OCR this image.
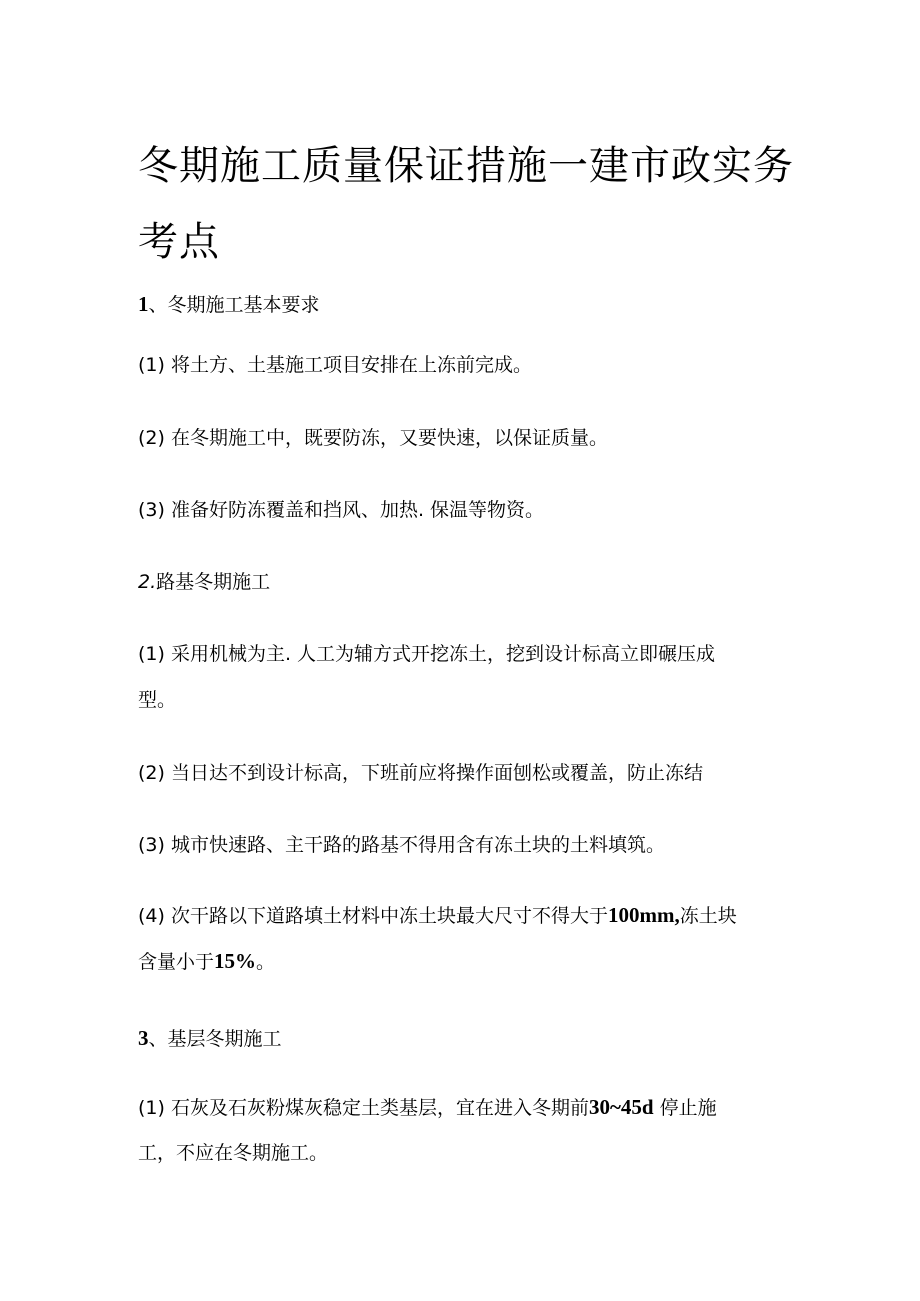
冬期施工质量保证措施一建市政实务考点

1、冬期施工基本要求

(1) 将土方、土基施工项目安排在上冻前完成。

(2) 在冬期施工中，既要防冻，又要快速，以保证质量。

(3) 准备好防冻覆盖和挡风、加热. 保温等物资。

2.路基冬期施工

(1) 采用机械为主. 人工为辅方式开挖冻土，挖到设计标高立即碾压成

型。

(2) 当日达不到设计标高，下班前应将操作面刨松或覆盖，防止冻结

(3) 城市快速路、主干路的路基不得用含有冻土块的土料填筑。

(4) 次干路以下道路填土材料中冻土块最大尺寸不得大于100mm,冻土块

含量小于15%。

3、基层冬期施工

(1) 石灰及石灰粉煤灰稳定土类基层，宜在进入冬期前30~45d 停止施

工，不应在冬期施工。
